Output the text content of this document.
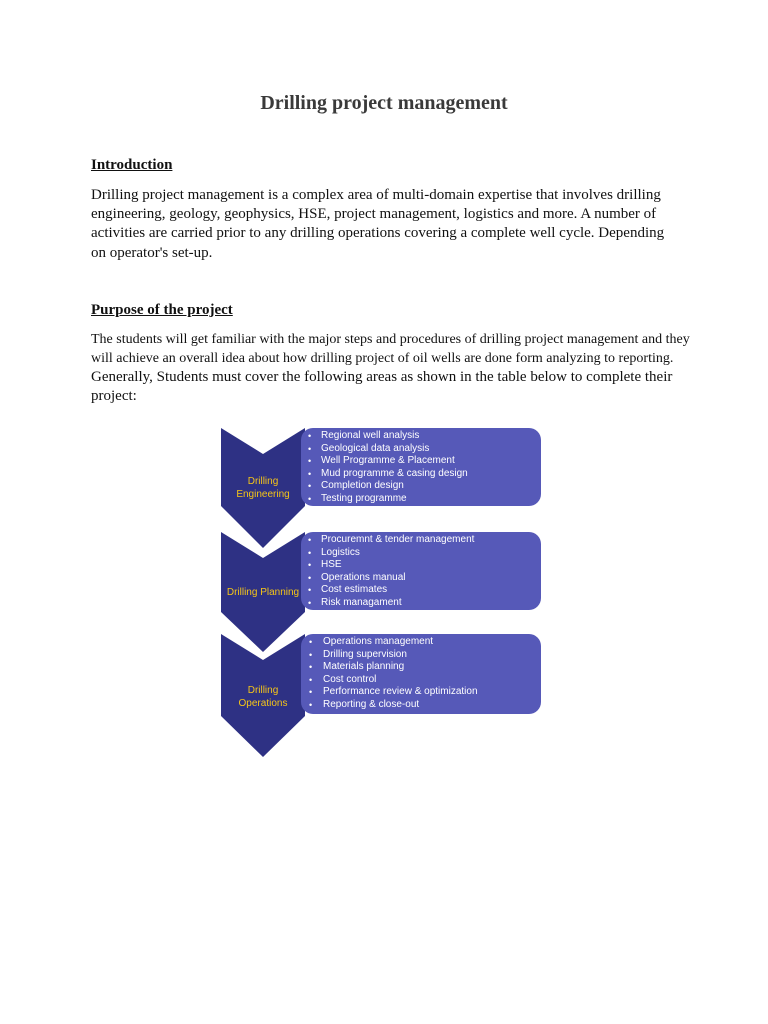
Drilling project management
Introduction
Drilling project management is a complex area of multi-domain expertise that involves drilling engineering, geology, geophysics, HSE, project management, logistics and more. A number of activities are carried prior to any drilling operations covering a complete well cycle. Depending on operator's set-up.
Purpose of the project
The students will get familiar with the major steps and procedures of drilling project management and they will achieve an overall idea about how drilling project of oil wells are done form analyzing to reporting.
Generally, Students must cover the following areas as shown in the table below to complete their project:
• Regional well analysis
• Geological data analysis
• Well Programme & Placement
• Mud programme & casing design
• Completion design
• Testing programme
• Procuremnt & tender management
• Logistics
• HSE
• Operations manual
• Cost estimates
• Risk managament
• Operations management
• Drilling supervision
• Materials planning
• Cost control
• Performance review & optimization
• Reporting & close-out
Drilling
Engineering
Drilling Planning
Drilling
Operations
